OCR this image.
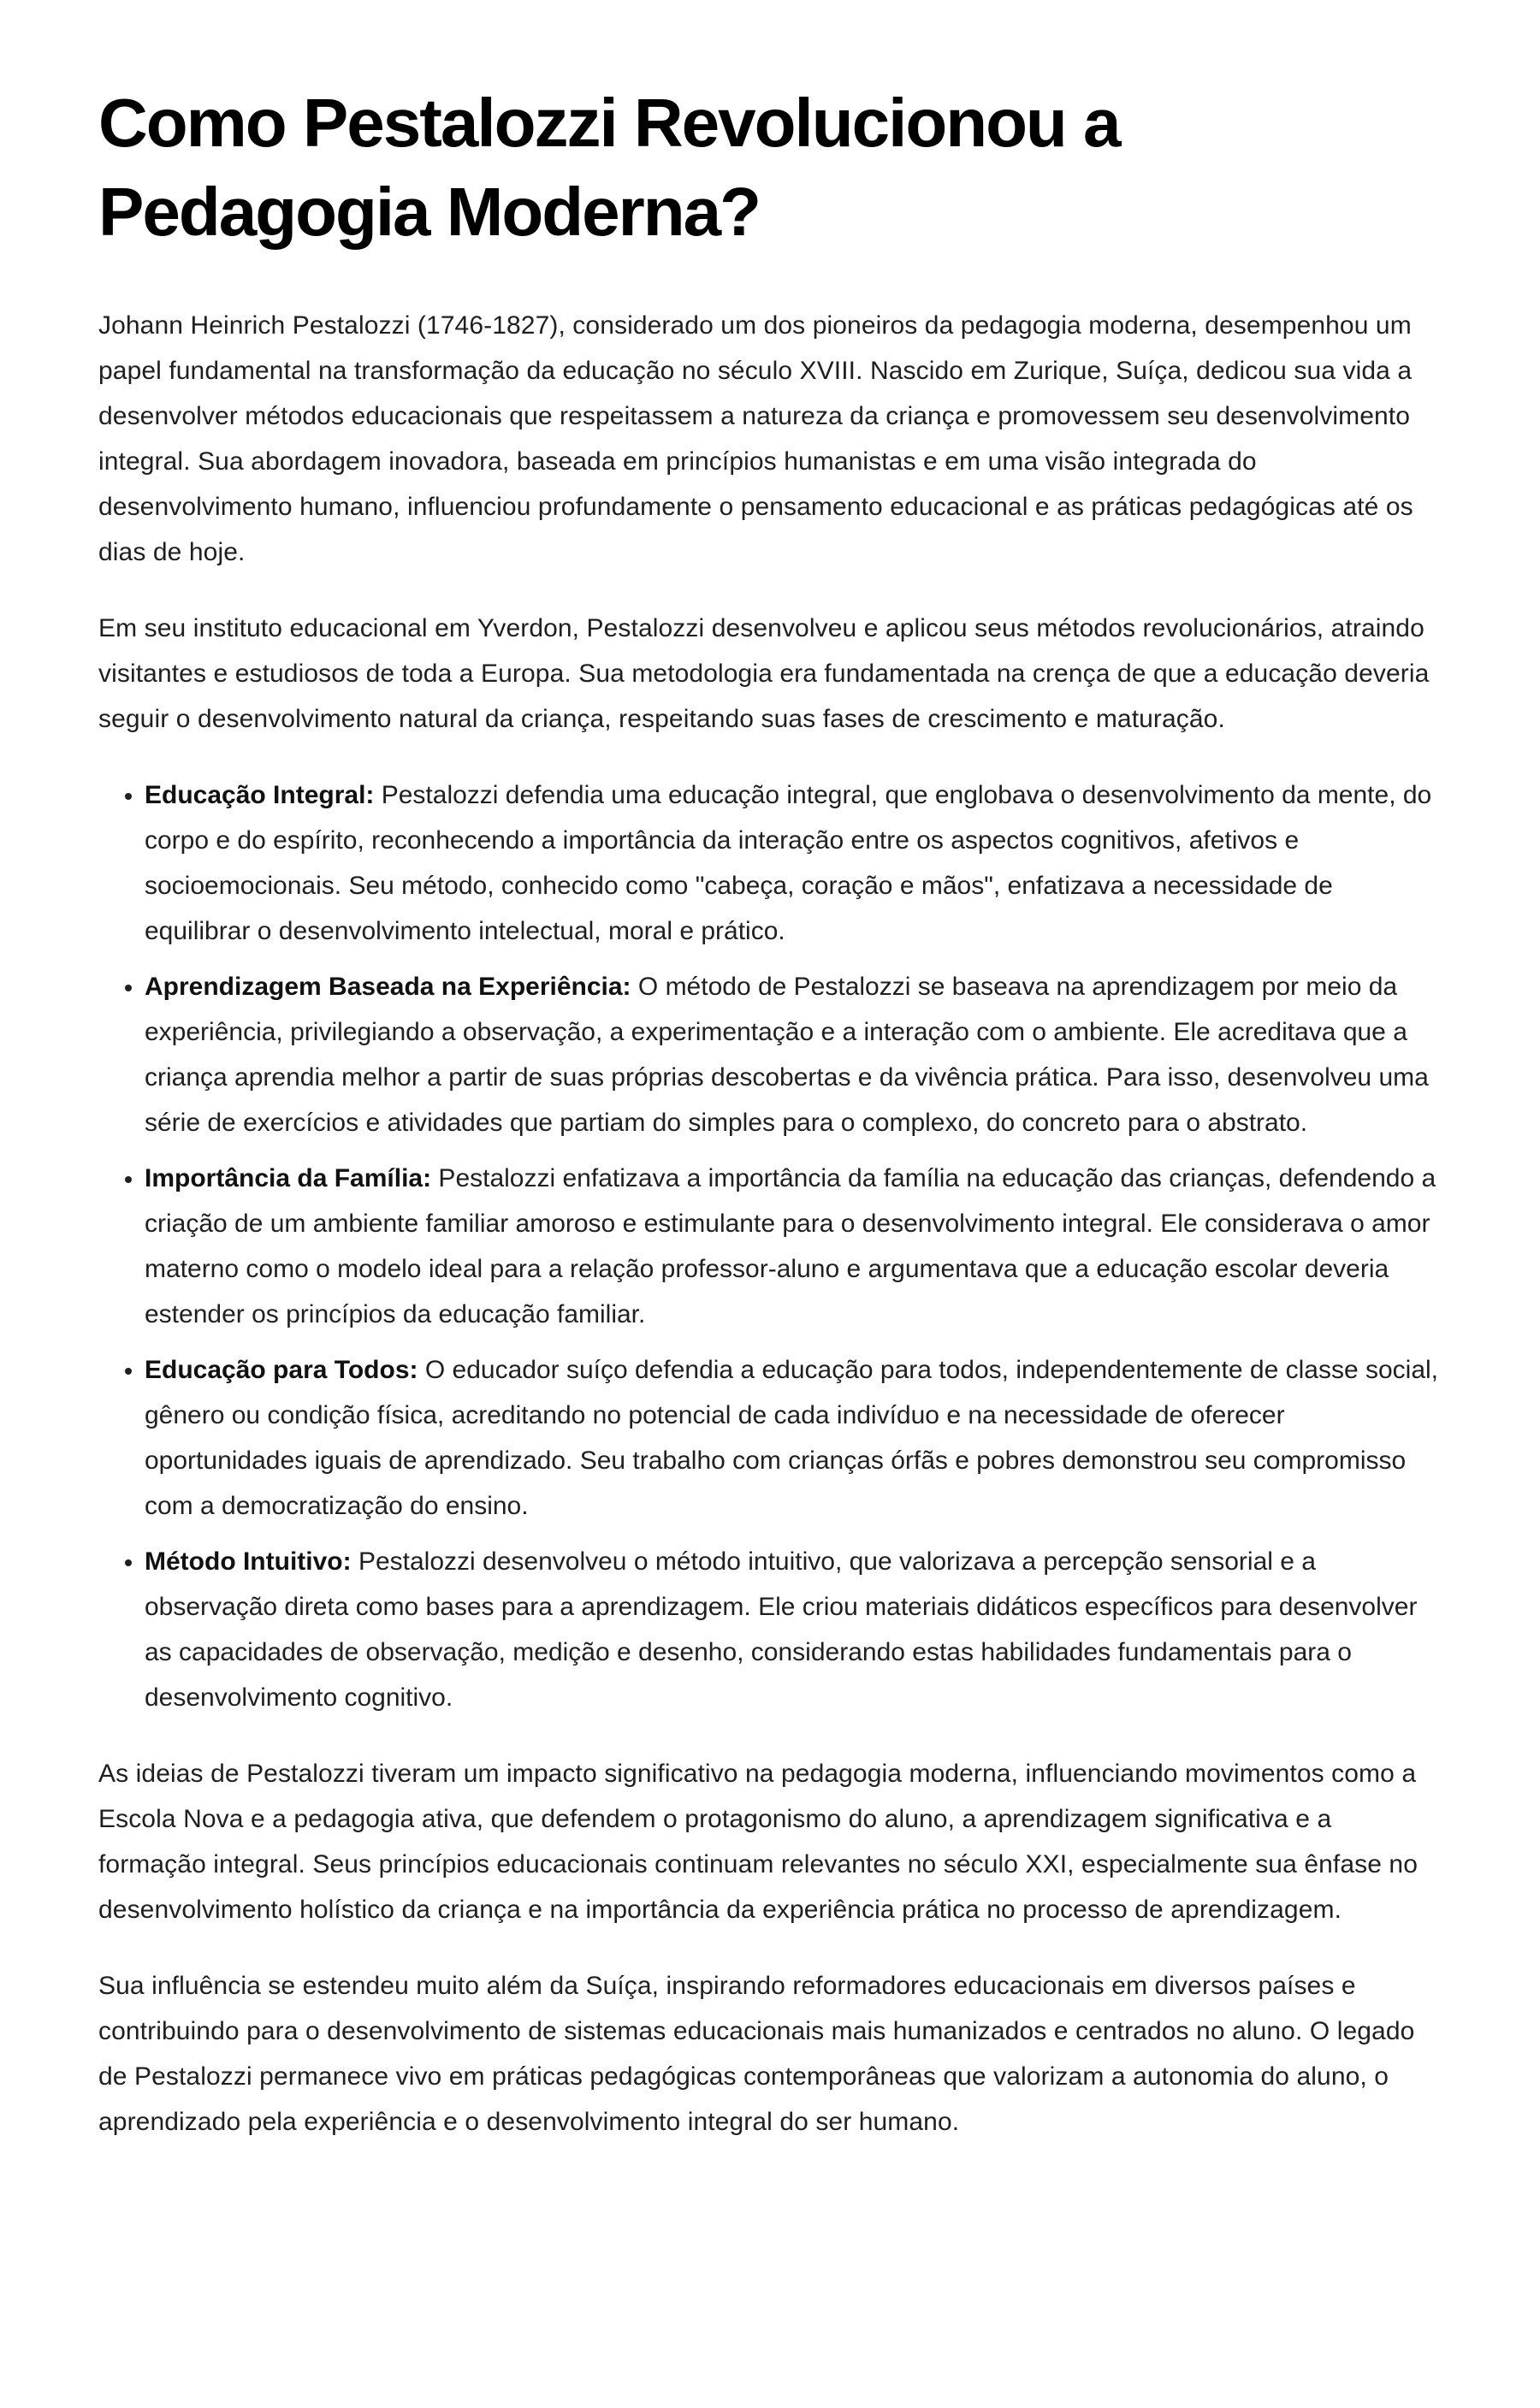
Como Pestalozzi Revolucionou a Pedagogia Moderna?

Johann Heinrich Pestalozzi (1746-1827), considerado um dos pioneiros da pedagogia moderna, desempenhou um papel fundamental na transformação da educação no século XVIII. Nascido em Zurique, Suíça, dedicou sua vida a desenvolver métodos educacionais que respeitassem a natureza da criança e promovessem seu desenvolvimento integral. Sua abordagem inovadora, baseada em princípios humanistas e em uma visão integrada do desenvolvimento humano, influenciou profundamente o pensamento educacional e as práticas pedagógicas até os dias de hoje.

Em seu instituto educacional em Yverdon, Pestalozzi desenvolveu e aplicou seus métodos revolucionários, atraindo visitantes e estudiosos de toda a Europa. Sua metodologia era fundamentada na crença de que a educação deveria seguir o desenvolvimento natural da criança, respeitando suas fases de crescimento e maturação.

• Educação Integral: Pestalozzi defendia uma educação integral, que englobava o desenvolvimento da mente, do corpo e do espírito, reconhecendo a importância da interação entre os aspectos cognitivos, afetivos e socioemocionais. Seu método, conhecido como "cabeça, coração e mãos", enfatizava a necessidade de equilibrar o desenvolvimento intelectual, moral e prático.
• Aprendizagem Baseada na Experiência: O método de Pestalozzi se baseava na aprendizagem por meio da experiência, privilegiando a observação, a experimentação e a interação com o ambiente. Ele acreditava que a criança aprendia melhor a partir de suas próprias descobertas e da vivência prática. Para isso, desenvolveu uma série de exercícios e atividades que partiam do simples para o complexo, do concreto para o abstrato.
• Importância da Família: Pestalozzi enfatizava a importância da família na educação das crianças, defendendo a criação de um ambiente familiar amoroso e estimulante para o desenvolvimento integral. Ele considerava o amor materno como o modelo ideal para a relação professor-aluno e argumentava que a educação escolar deveria estender os princípios da educação familiar.
• Educação para Todos: O educador suíço defendia a educação para todos, independentemente de classe social, gênero ou condição física, acreditando no potencial de cada indivíduo e na necessidade de oferecer oportunidades iguais de aprendizado. Seu trabalho com crianças órfãs e pobres demonstrou seu compromisso com a democratização do ensino.
• Método Intuitivo: Pestalozzi desenvolveu o método intuitivo, que valorizava a percepção sensorial e a observação direta como bases para a aprendizagem. Ele criou materiais didáticos específicos para desenvolver as capacidades de observação, medição e desenho, considerando estas habilidades fundamentais para o desenvolvimento cognitivo.

As ideias de Pestalozzi tiveram um impacto significativo na pedagogia moderna, influenciando movimentos como a Escola Nova e a pedagogia ativa, que defendem o protagonismo do aluno, a aprendizagem significativa e a formação integral. Seus princípios educacionais continuam relevantes no século XXI, especialmente sua ênfase no desenvolvimento holístico da criança e na importância da experiência prática no processo de aprendizagem.

Sua influência se estendeu muito além da Suíça, inspirando reformadores educacionais em diversos países e contribuindo para o desenvolvimento de sistemas educacionais mais humanizados e centrados no aluno. O legado de Pestalozzi permanece vivo em práticas pedagógicas contemporâneas que valorizam a autonomia do aluno, o aprendizado pela experiência e o desenvolvimento integral do ser humano.
